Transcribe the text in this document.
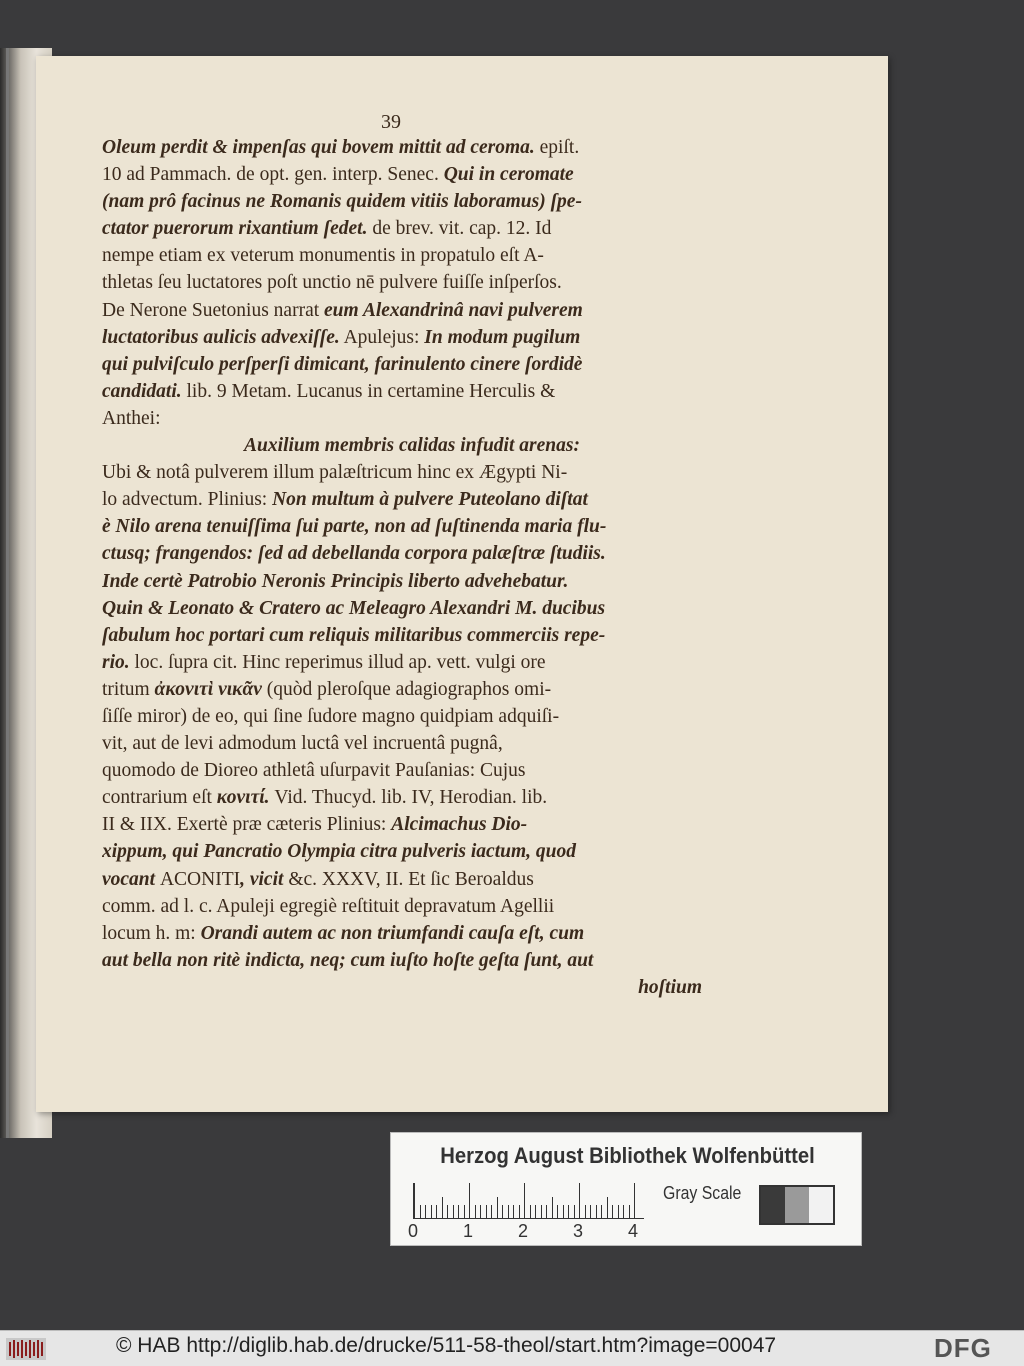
39
Oleum perdit & impenſas qui bovem mittit ad ceroma. epiſt.
10 ad Pammach. de opt. gen. interp. Senec. Qui in ceromate
(nam prô facinus ne Romanis quidem vitiis laboramus) ſpe-
ctator puerorum rixantium ſedet. de brev. vit. cap. 12. Id
nempe etiam ex veterum monumentis in propatulo eſt A-
thletas ſeu luctatores poſt unctio nē pulvere fuiſſe inſperſos.
De Nerone Suetonius narrat eum Alexandrinâ navi pulverem
luctatoribus aulicis advexiſſe. Apulejus: In modum pugilum
qui pulviſculo perſperſi dimicant, farinulento cinere ſordidè
candidati. lib. 9 Metam. Lucanus in certamine Herculis &
Anthei:
Auxilium membris calidas infudit arenas:
Ubi & notâ pulverem illum palæſtricum hinc ex Ægypti Ni-
lo advectum. Plinius: Non multum à pulvere Puteolano diſtat
è Nilo arena tenuiſſima ſui parte, non ad ſuſtinenda maria flu-
ctusq; frangendos: ſed ad debellanda corpora palæſtræ ſtudiis.
Inde certè Patrobio Neronis Principis liberto advehebatur.
Quin & Leonato & Cratero ac Meleagro Alexandri M. ducibus
ſabulum hoc portari cum reliquis militaribus commerciis repe-
rio. loc. ſupra cit. Hinc reperimus illud ap. vett. vulgi ore
tritum ἀκονιτὶ νικᾶν (quòd pleroſque adagiographos omi-
ſiſſe miror) de eo, qui ſine ſudore magno quidpiam adquiſi-
vit, aut de levi admodum luctâ vel incruentâ pugnâ,
quomodo de Dioreo athletâ uſurpavit Pauſanias: Cujus
contrarium eſt κονιτί. Vid. Thucyd. lib. IV, Herodian. lib.
II & IIX. Exertè præ cæteris Plinius: Alcimachus Dio-
xippum, qui Pancratio Olympia citra pulveris iactum, quod
vocant ACONITI, vicit &c. XXXV, II. Et ſic Beroaldus
comm. ad l. c. Apuleji egregiè reſtituit depravatum Agellii
locum h. m: Orandi autem ac non triumfandi cauſa eſt, cum
aut bella non ritè indicta, neq; cum iuſto hoſte geſta ſunt, aut
hoſtium
Herzog August Bibliothek Wolfenbüttel
0 1 2 3 4
Gray Scale
© HAB http://diglib.hab.de/drucke/511-58-theol/start.htm?image=00047	DFG
